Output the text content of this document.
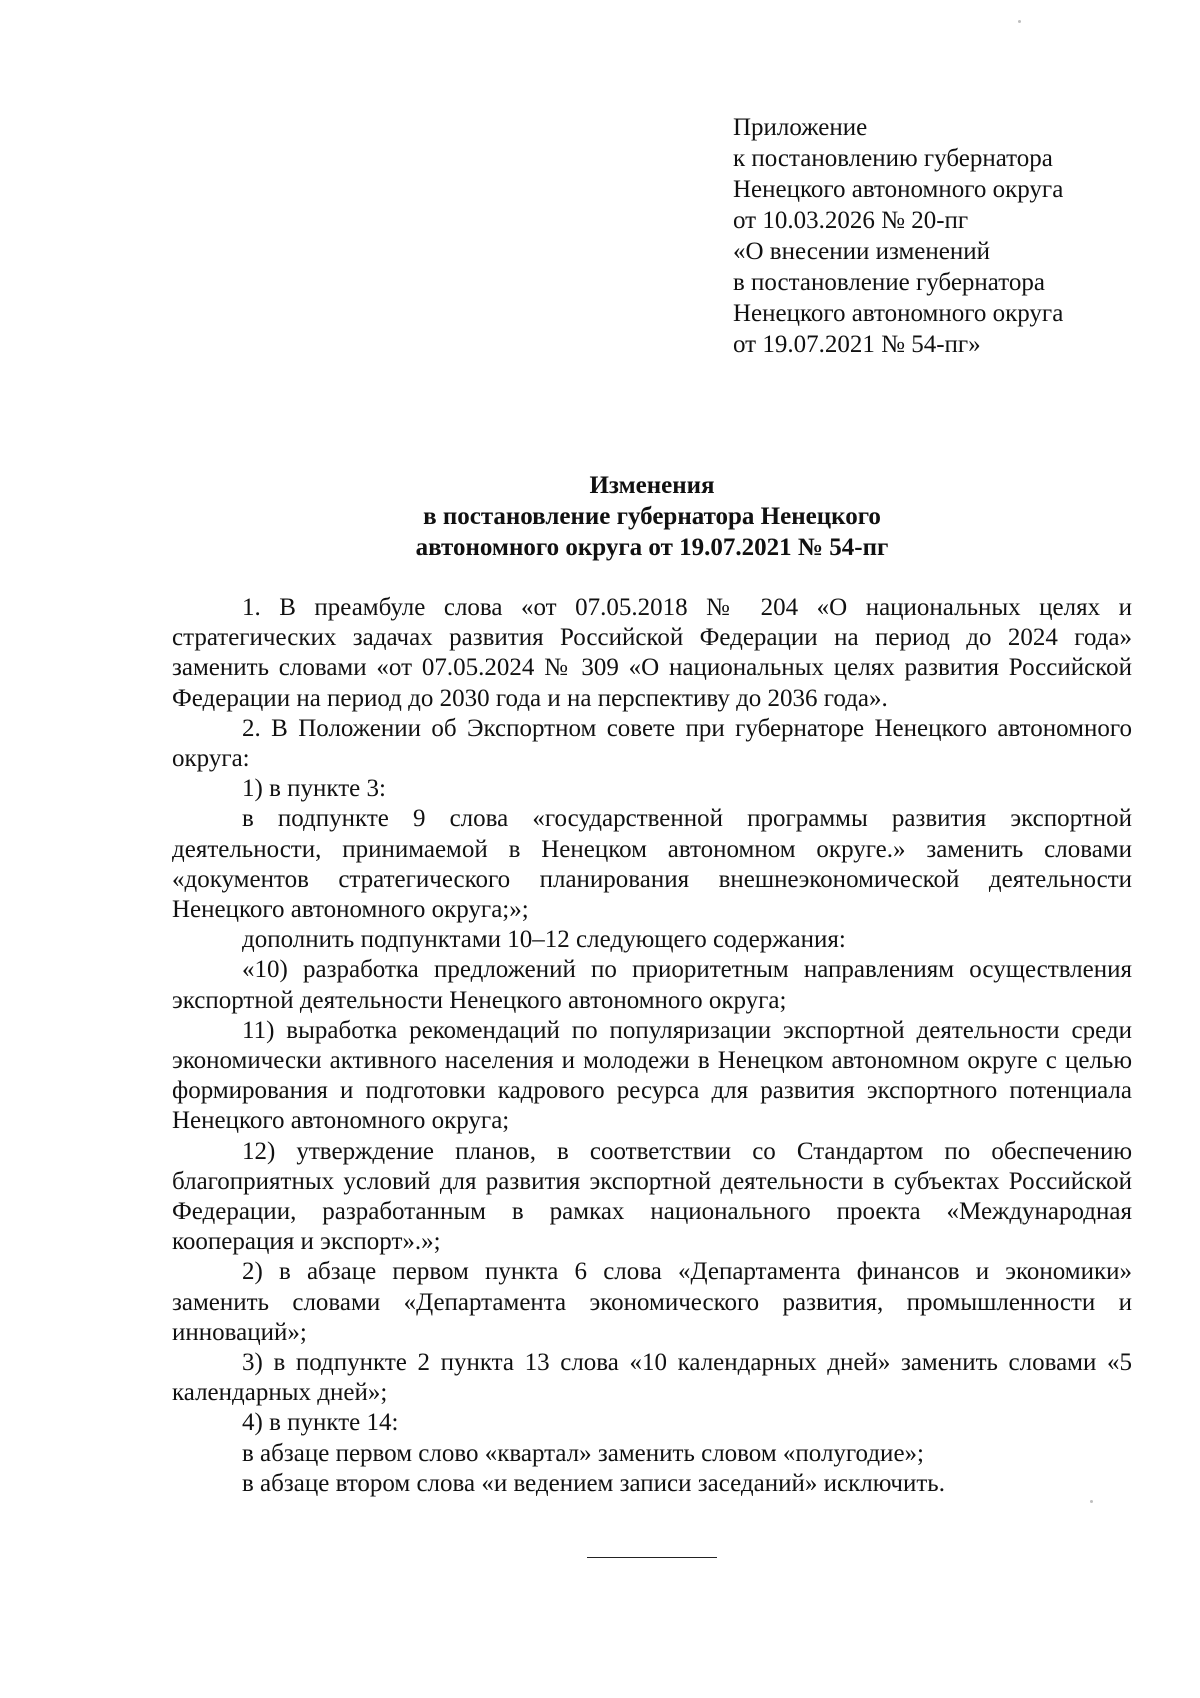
Приложение
к постановлению губернатора
Ненецкого автономного округа
от 10.03.2026 № 20-пг
«О внесении изменений
в постановление губернатора
Ненецкого автономного округа
от 19.07.2021 № 54-пг»
Изменения
в постановление губернатора Ненецкого
автономного округа от 19.07.2021 № 54-пг

1. В преамбуле слова «от 07.05.2018 № 204 «О национальных целях и стратегических задачах развития Российской Федерации на период до 2024 года» заменить словами «от 07.05.2024 № 309 «О национальных целях развития Российской Федерации на период до 2030 года и на перспективу до 2036 года».

2. В Положении об Экспортном совете при губернаторе Ненецкого автономного округа:

1) в пункте 3:

в подпункте 9 слова «государственной программы развития экспортной деятельности, принимаемой в Ненецком автономном округе.» заменить словами «документов стратегического планирования внешнеэкономической деятельности Ненецкого автономного округа;»;

дополнить подпунктами 10–12 следующего содержания:

«10) разработка предложений по приоритетным направлениям осуществления экспортной деятельности Ненецкого автономного округа;

11) выработка рекомендаций по популяризации экспортной деятельности среди экономически активного населения и молодежи в Ненецком автономном округе с целью формирования и подготовки кадрового ресурса для развития экспортного потенциала Ненецкого автономного округа;

12) утверждение планов, в соответствии со Стандартом по обеспечению благоприятных условий для развития экспортной деятельности в субъектах Российской Федерации, разработанным в рамках национального проекта «Международная кооперация и экспорт».»;

2) в абзаце первом пункта 6 слова «Департамента финансов и экономики» заменить словами «Департамента экономического развития, промышленности и инноваций»;

3) в подпункте 2 пункта 13 слова «10 календарных дней» заменить словами «5 календарных дней»;

4) в пункте 14:

в абзаце первом слово «квартал» заменить словом «полугодие»;

в абзаце втором слова «и ведением записи заседаний» исключить.
